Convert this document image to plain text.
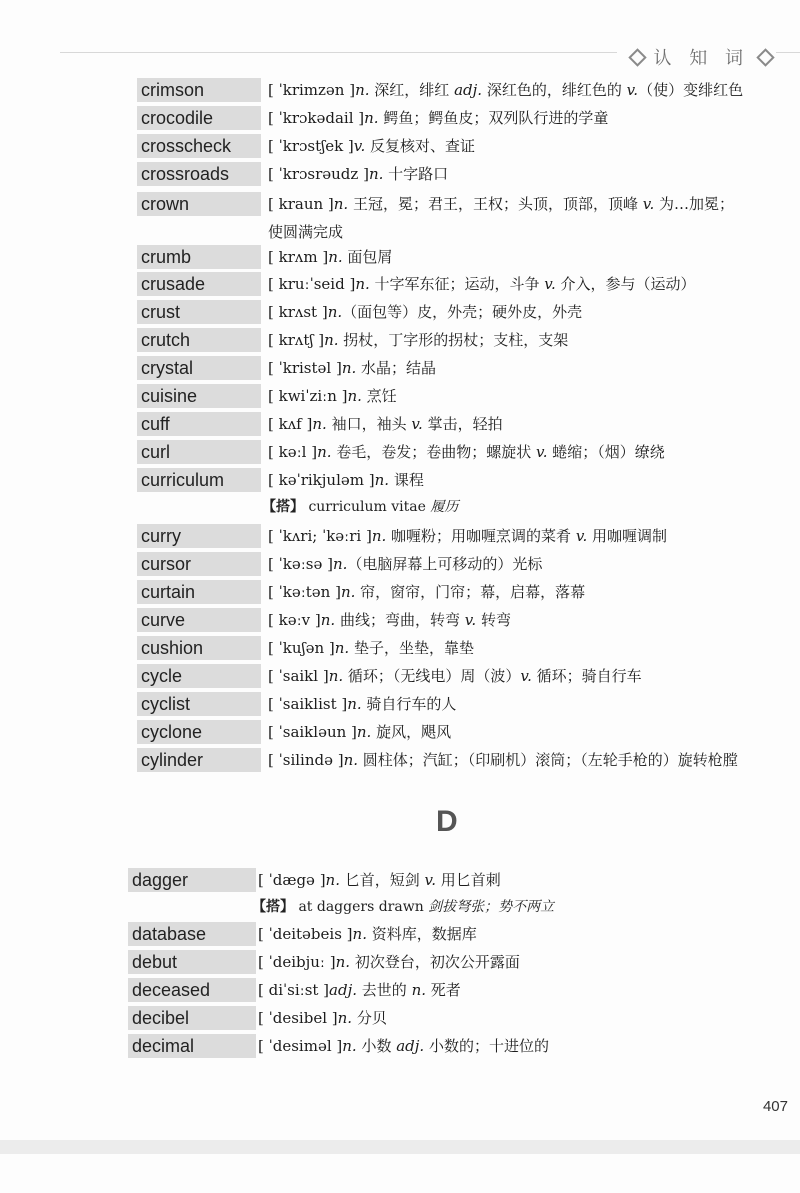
认 知 词
crimson	[ ˈkrimzən ]n. 深红，绯红 adj. 深红色的，绯红色的 v.（使）变绯红色
crocodile	[ ˈkrɔkədail ]n. 鳄鱼；鳄鱼皮；双列队行进的学童
crosscheck	[ ˈkrɔstʃek ]v. 反复核对、查证
crossroads	[ ˈkrɔsrəudz ]n. 十字路口
crown	[ kraun ]n. 王冠，冕；君王，王权；头顶，顶部，顶峰 v. 为…加冕；
使圆满完成
crumb	[ krʌm ]n. 面包屑
crusade	[ kruːˈseid ]n. 十字军东征；运动，斗争 v. 介入，参与（运动）
crust	[ krʌst ]n.（面包等）皮，外壳；硬外皮，外壳
crutch	[ krʌtʃ ]n. 拐杖，丁字形的拐杖；支柱，支架
crystal	[ ˈkristəl ]n. 水晶；结晶
cuisine	[ kwiˈziːn ]n. 烹饪
cuff	[ kʌf ]n. 袖口，袖头 v. 掌击，轻拍
curl	[ kəːl ]n. 卷毛，卷发；卷曲物；螺旋状 v. 蜷缩；（烟）缭绕
curriculum	[ kəˈrikjuləm ]n. 课程
【搭】 curriculum vitae 履历
curry	[ ˈkʌri; ˈkəːri ]n. 咖喱粉；用咖喱烹调的菜肴 v. 用咖喱调制
cursor	[ ˈkəːsə ]n.（电脑屏幕上可移动的）光标
curtain	[ ˈkəːtən ]n. 帘，窗帘，门帘；幕，启幕，落幕
curve	[ kəːv ]n. 曲线；弯曲，转弯 v. 转弯
cushion	[ ˈkuʃən ]n. 垫子，坐垫，靠垫
cycle	[ ˈsaikl ]n. 循环；（无线电）周（波）v. 循环；骑自行车
cyclist	[ ˈsaiklist ]n. 骑自行车的人
cyclone	[ ˈsaikləun ]n. 旋风，飓风
cylinder	[ ˈsilində ]n. 圆柱体；汽缸；（印刷机）滚筒；（左轮手枪的）旋转枪膛
D
dagger	[ ˈdægə ]n. 匕首，短剑 v. 用匕首刺
【搭】 at daggers drawn 剑拔弩张；势不两立
database	[ ˈdeitəbeis ]n. 资料库，数据库
debut	[ ˈdeibjuː ]n. 初次登台，初次公开露面
deceased	[ diˈsiːst ]adj. 去世的 n. 死者
decibel	[ ˈdesibel ]n. 分贝
decimal	[ ˈdesiməl ]n. 小数 adj. 小数的；十进位的
407
